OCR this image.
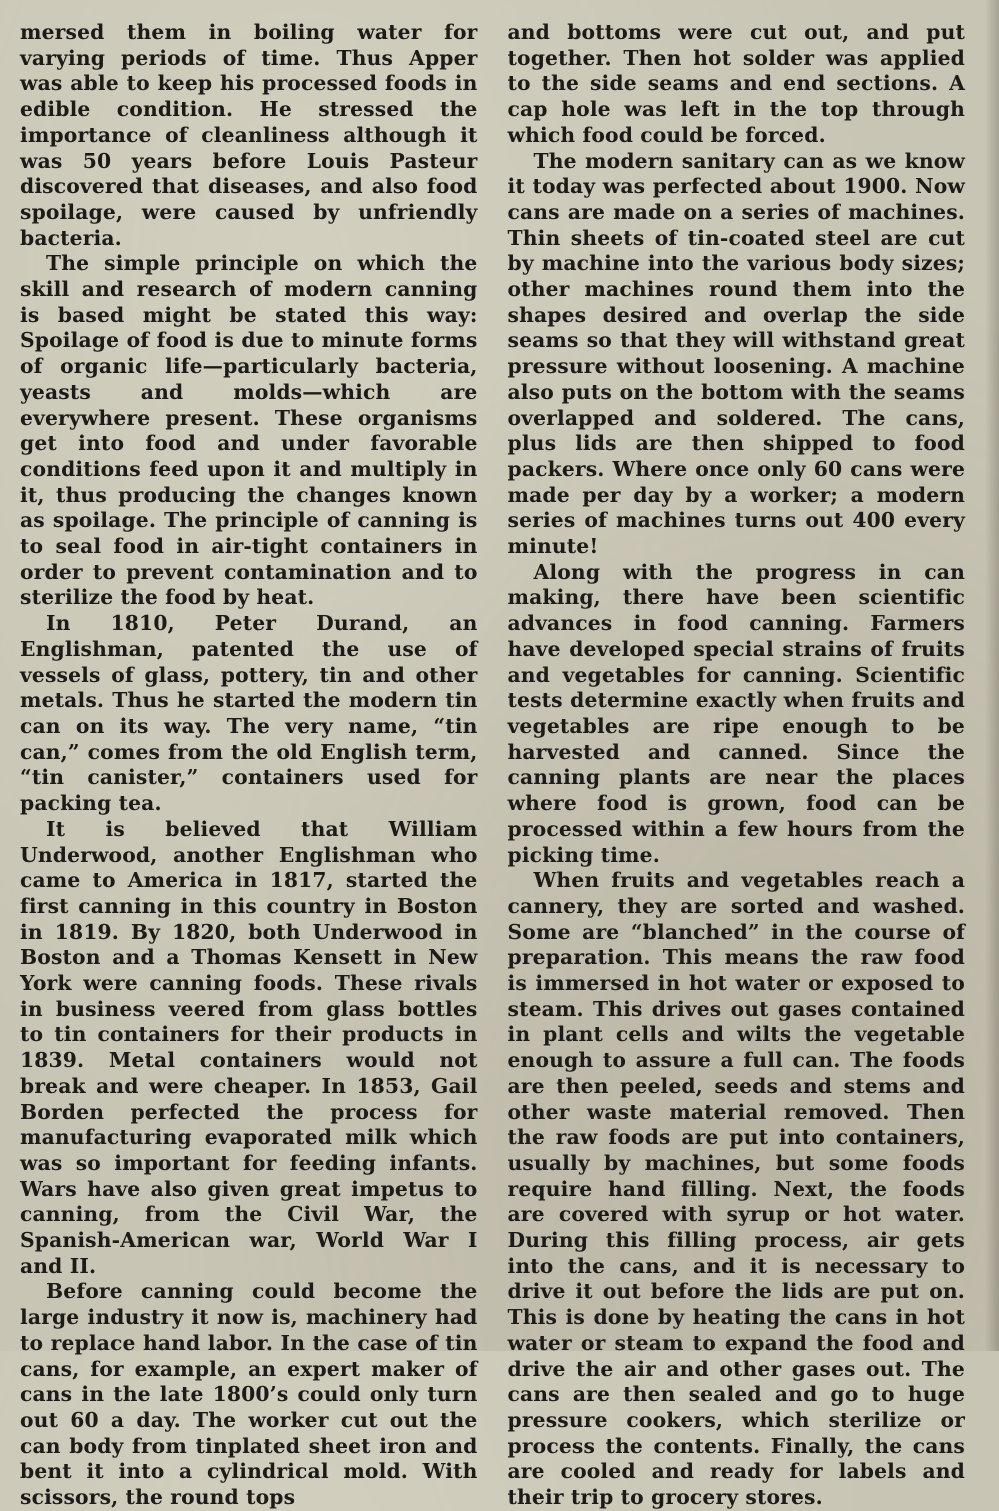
mersed them in boiling water for varying periods of time. Thus Apper was able to keep his processed foods in edible condition. He stressed the importance of cleanliness although it was 50 years before Louis Pasteur discovered that diseases, and also food spoilage, were caused by unfriendly bacteria.

The simple principle on which the skill and research of modern canning is based might be stated this way: Spoilage of food is due to minute forms of organic life—particularly bacteria, yeasts and molds—which are everywhere present. These organisms get into food and under favorable conditions feed upon it and multiply in it, thus producing the changes known as spoilage. The principle of canning is to seal food in air-tight containers in order to prevent contamination and to sterilize the food by heat.

In 1810, Peter Durand, an Englishman, patented the use of vessels of glass, pottery, tin and other metals. Thus he started the modern tin can on its way. The very name, “tin can,” comes from the old English term, “tin canister,” containers used for packing tea.

It is believed that William Underwood, another Englishman who came to America in 1817, started the first canning in this country in Boston in 1819. By 1820, both Underwood in Boston and a Thomas Kensett in New York were canning foods. These rivals in business veered from glass bottles to tin containers for their products in 1839. Metal containers would not break and were cheaper. In 1853, Gail Borden perfected the process for manufacturing evaporated milk which was so important for feeding infants. Wars have also given great impetus to canning, from the Civil War, the Spanish-American war, World War I and II.

Before canning could become the large industry it now is, machinery had to replace hand labor. In the case of tin cans, for example, an expert maker of cans in the late 1800’s could only turn out 60 a day. The worker cut out the can body from tinplated sheet iron and bent it into a cylindrical mold. With scissors, the round tops

and bottoms were cut out, and put together. Then hot solder was applied to the side seams and end sections. A cap hole was left in the top through which food could be forced.

The modern sanitary can as we know it today was perfected about 1900. Now cans are made on a series of machines. Thin sheets of tin-coated steel are cut by machine into the various body sizes; other machines round them into the shapes desired and overlap the side seams so that they will withstand great pressure without loosening. A machine also puts on the bottom with the seams overlapped and soldered. The cans, plus lids are then shipped to food packers. Where once only 60 cans were made per day by a worker; a modern series of machines turns out 400 every minute!

Along with the progress in can making, there have been scientific advances in food canning. Farmers have developed special strains of fruits and vegetables for canning. Scientific tests determine exactly when fruits and vegetables are ripe enough to be harvested and canned. Since the canning plants are near the places where food is grown, food can be processed within a few hours from the picking time.

When fruits and vegetables reach a cannery, they are sorted and washed. Some are “blanched” in the course of preparation. This means the raw food is immersed in hot water or exposed to steam. This drives out gases contained in plant cells and wilts the vegetable enough to assure a full can. The foods are then peeled, seeds and stems and other waste material removed. Then the raw foods are put into containers, usually by machines, but some foods require hand filling. Next, the foods are covered with syrup or hot water. During this filling process, air gets into the cans, and it is necessary to drive it out before the lids are put on. This is done by heating the cans in hot water or steam to expand the food and drive the air and other gases out. The cans are then sealed and go to huge pressure cookers, which sterilize or process the contents. Finally, the cans are cooled and ready for labels and their trip to grocery stores.
